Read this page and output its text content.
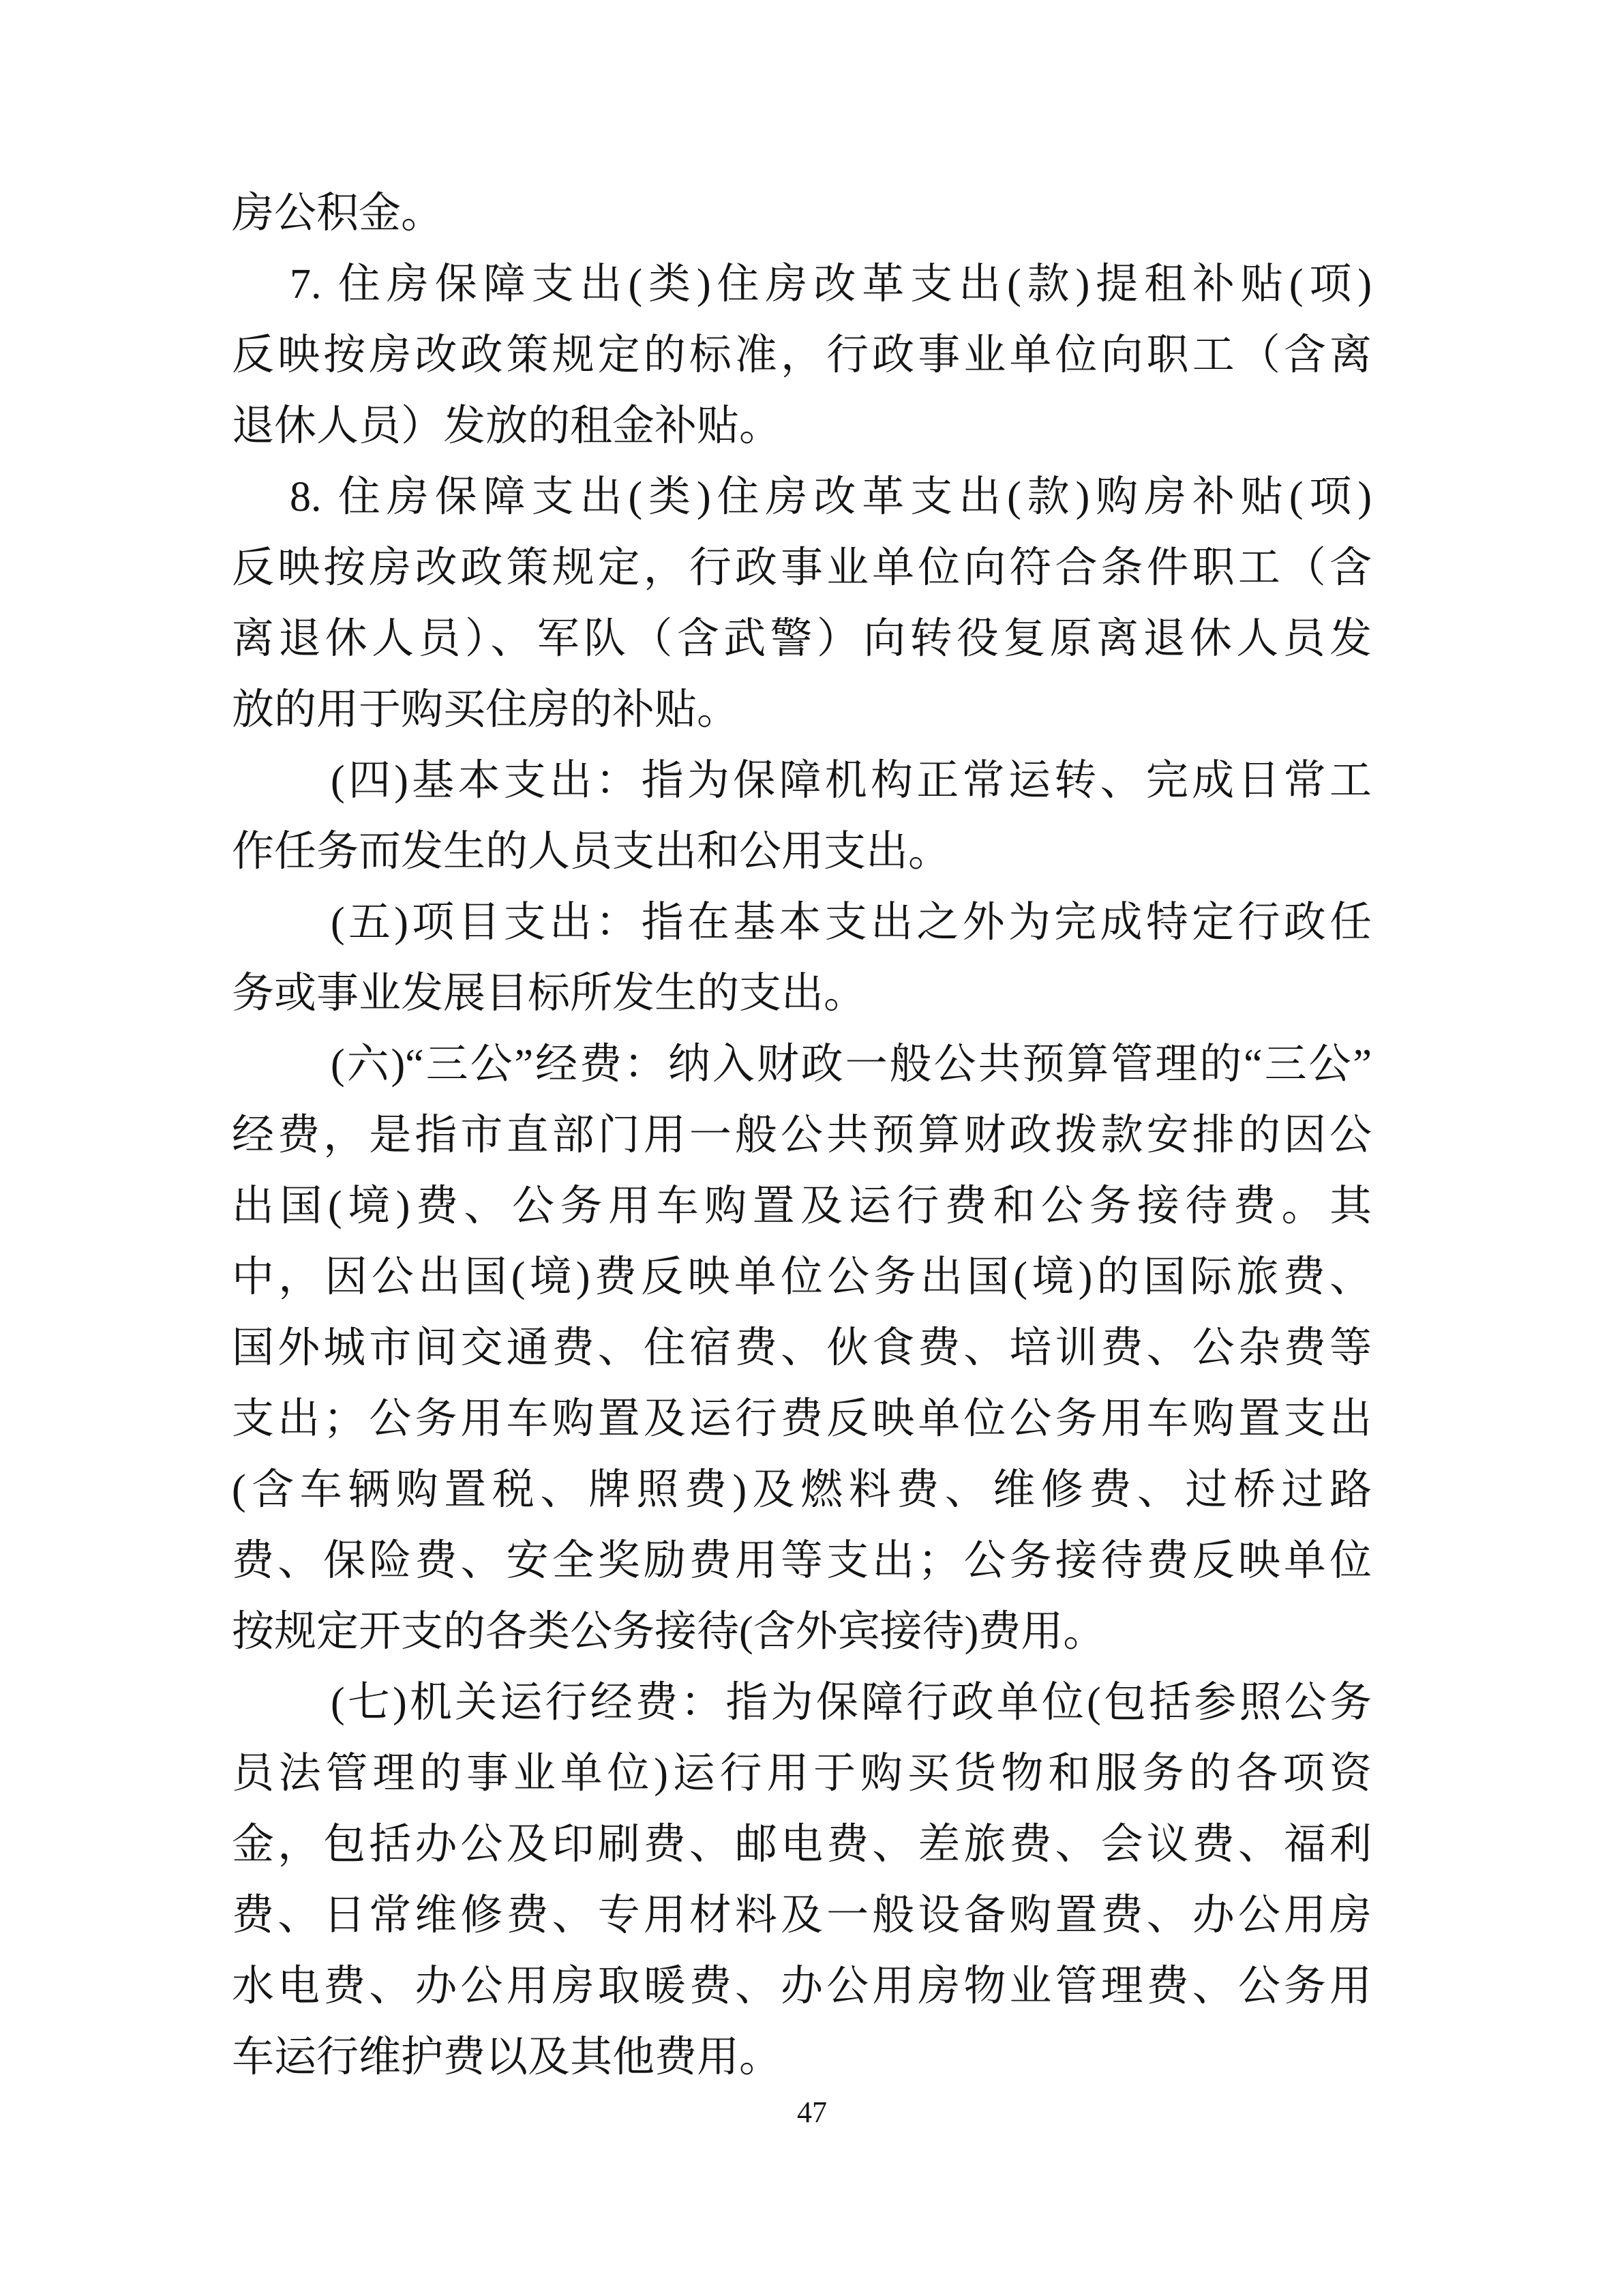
房公积金。
7. 住房保障支出(类)住房改革支出(款)提租补贴(项)
反映按房改政策规定的标准，行政事业单位向职工（含离
退休人员）发放的租金补贴。
8. 住房保障支出(类)住房改革支出(款)购房补贴(项)
反映按房改政策规定，行政事业单位向符合条件职工（含
离退休人员）、军队（含武警）向转役复原离退休人员发
放的用于购买住房的补贴。
(四)基本支出：指为保障机构正常运转、完成日常工
作任务而发生的人员支出和公用支出。
(五)项目支出：指在基本支出之外为完成特定行政任
务或事业发展目标所发生的支出。
(六)“三公”经费：纳入财政一般公共预算管理的“三公”
经费，是指市直部门用一般公共预算财政拨款安排的因公
出国(境)费、公务用车购置及运行费和公务接待费。其
中，因公出国(境)费反映单位公务出国(境)的国际旅费、
国外城市间交通费、住宿费、伙食费、培训费、公杂费等
支出；公务用车购置及运行费反映单位公务用车购置支出
(含车辆购置税、牌照费)及燃料费、维修费、过桥过路
费、保险费、安全奖励费用等支出；公务接待费反映单位
按规定开支的各类公务接待(含外宾接待)费用。
(七)机关运行经费：指为保障行政单位(包括参照公务
员法管理的事业单位)运行用于购买货物和服务的各项资
金，包括办公及印刷费、邮电费、差旅费、会议费、福利
费、日常维修费、专用材料及一般设备购置费、办公用房
水电费、办公用房取暖费、办公用房物业管理费、公务用
车运行维护费以及其他费用。
47
